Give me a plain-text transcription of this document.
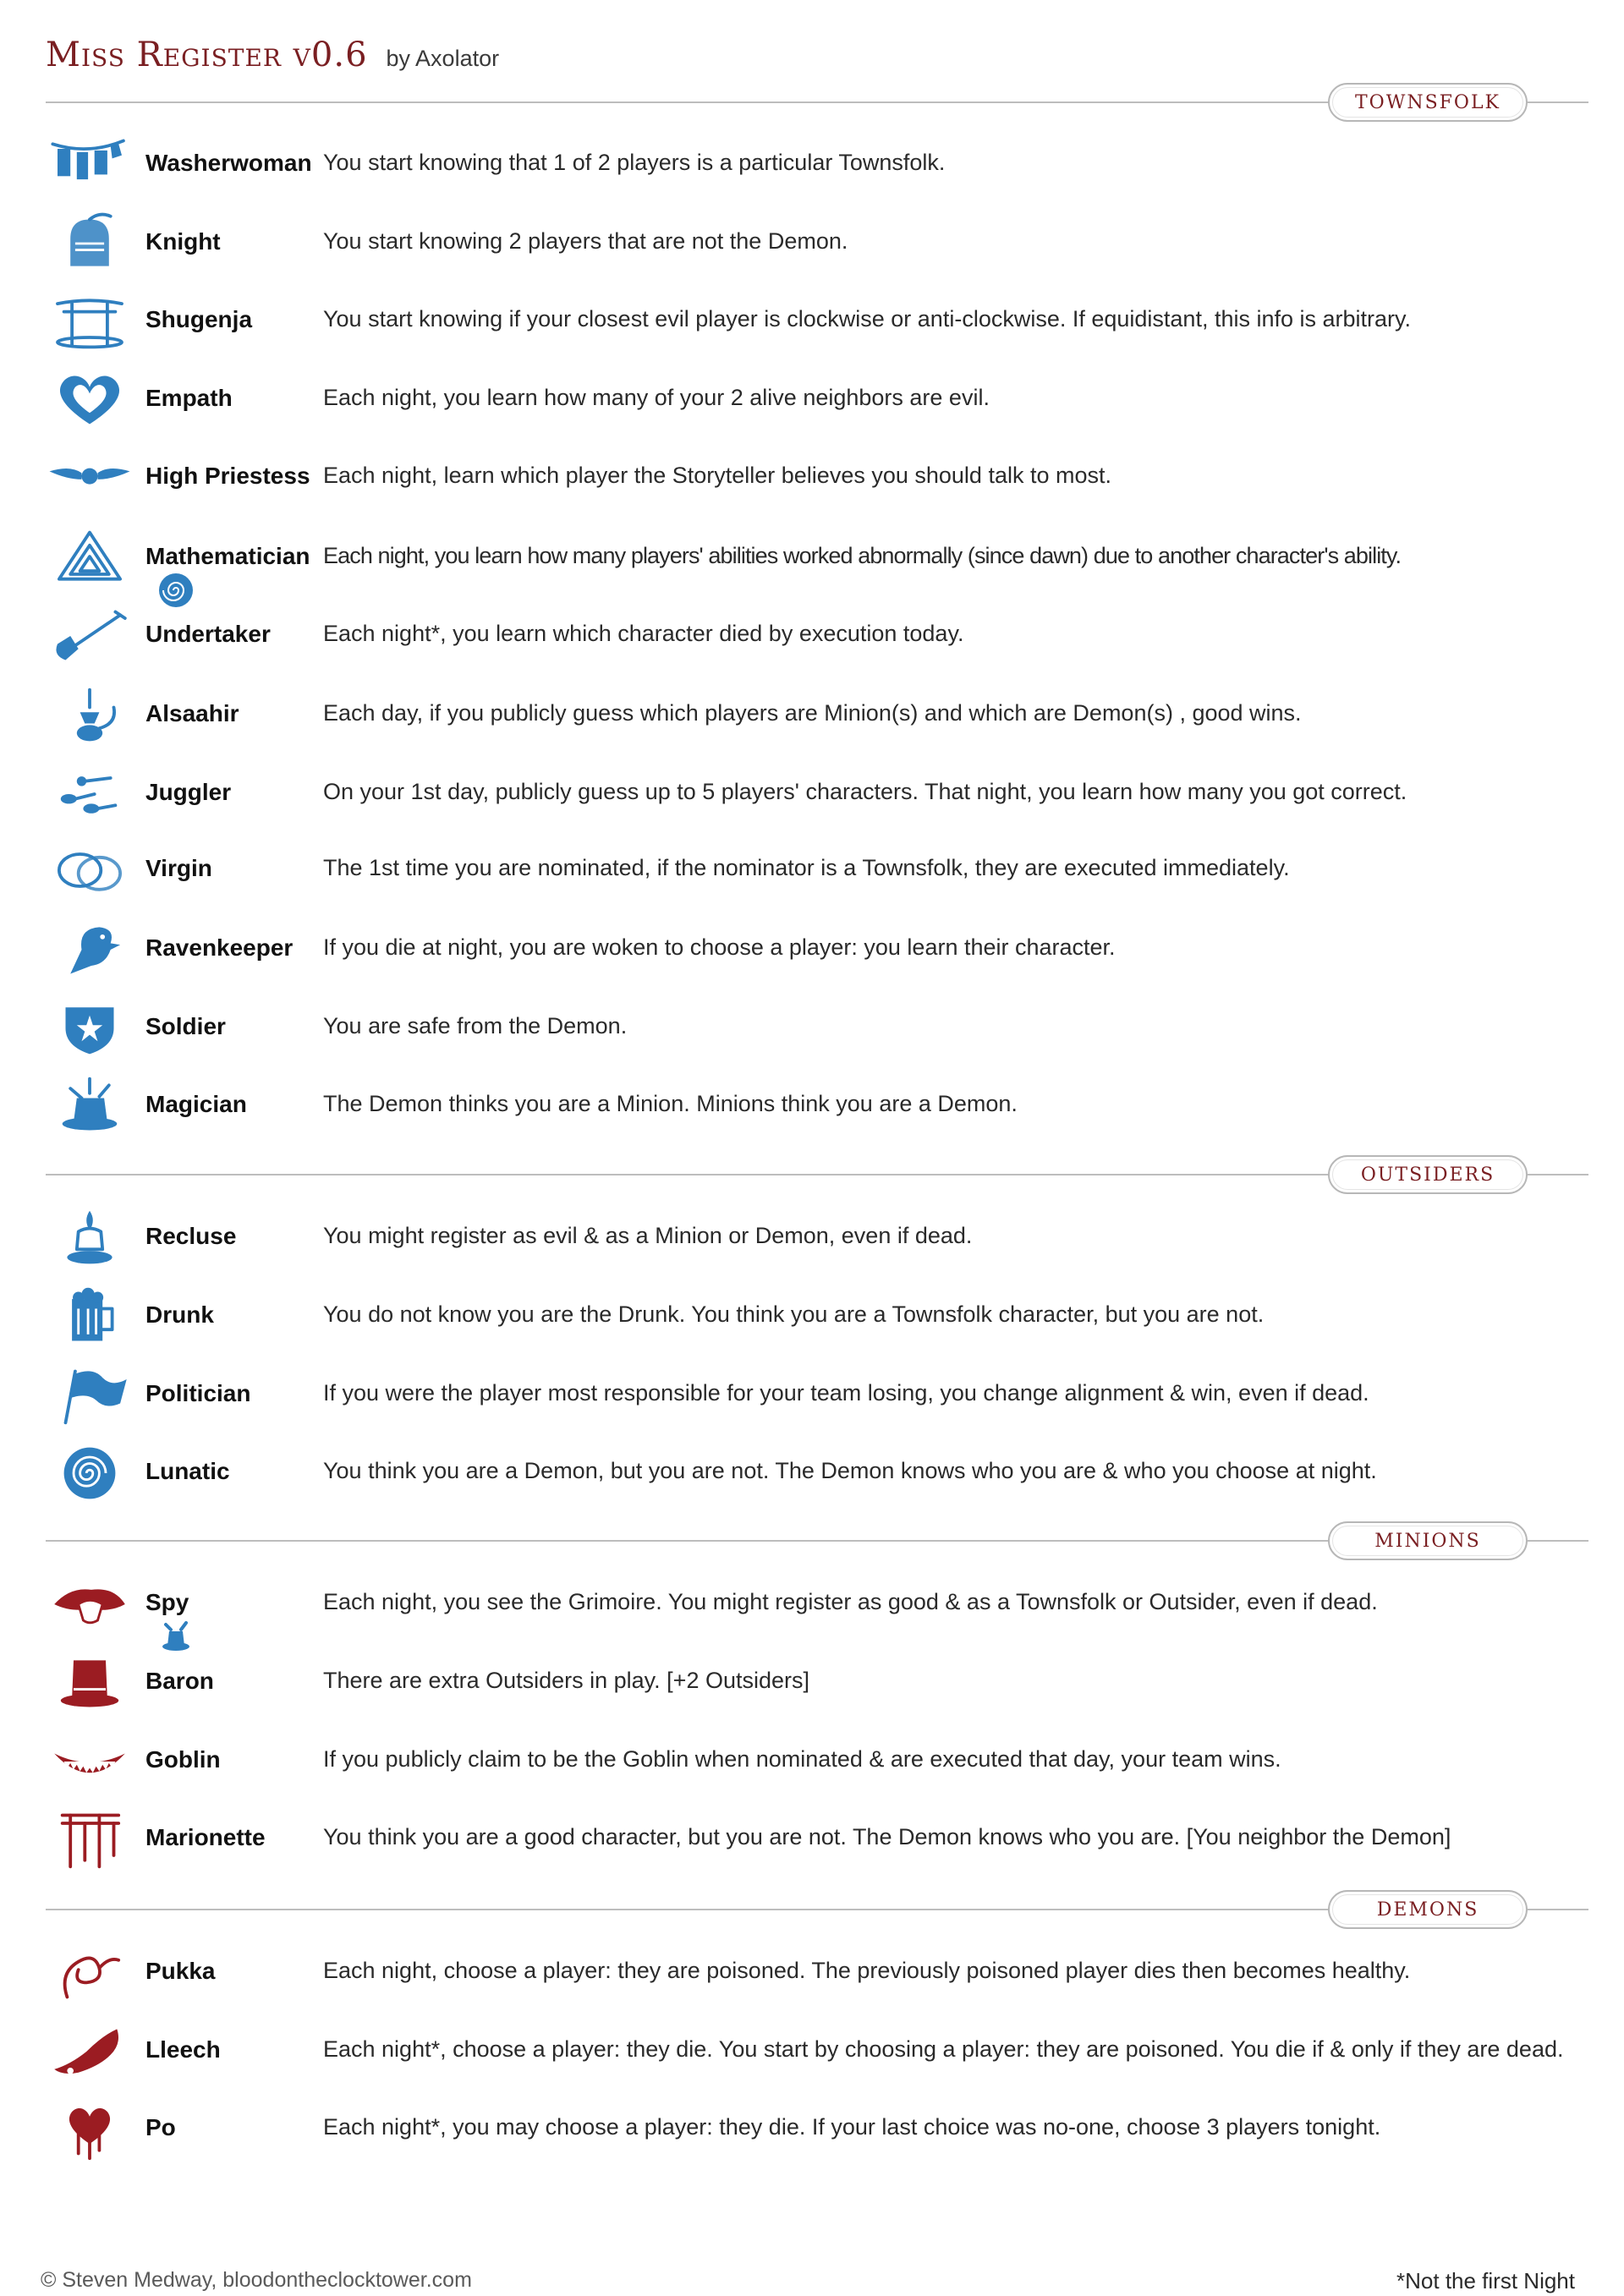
Miss Register v0.6 by Axolator
TOWNSFOLK
Washerwoman You start knowing that 1 of 2 players is a particular Townsfolk.
Knight	You start knowing 2 players that are not the Demon.
Shugenja	You start knowing if your closest evil player is clockwise or anti-clockwise. If equidistant, this info is arbitrary.
Empath	Each night, you learn how many of your 2 alive neighbors are evil.
High Priestess Each night, learn which player the Storyteller believes you should talk to most.
Mathematician Each night, you learn how many players' abilities worked abnormally (since dawn) due to another character's ability.
Undertaker Each night*, you learn which character died by execution today.
Alsaahir	Each day, if you publicly guess which players are Minion(s) and which are Demon(s) , good wins.
Juggler	On your 1st day, publicly guess up to 5 players' characters. That night, you learn how many you got correct.
Virgin	The 1st time you are nominated, if the nominator is a Townsfolk, they are executed immediately.
Ravenkeeper If you die at night, you are woken to choose a player: you learn their character.
Soldier	You are safe from the Demon.
Magician	The Demon thinks you are a Minion. Minions think you are a Demon.
OUTSIDERS
Recluse	You might register as evil & as a Minion or Demon, even if dead.
Drunk	You do not know you are the Drunk. You think you are a Townsfolk character, but you are not.
Politician	If you were the player most responsible for your team losing, you change alignment & win, even if dead.
Lunatic	You think you are a Demon, but you are not. The Demon knows who you are & who you choose at night.
MINIONS
Spy	Each night, you see the Grimoire. You might register as good & as a Townsfolk or Outsider, even if dead.
Baron	There are extra Outsiders in play. [+2 Outsiders]
Goblin	If you publicly claim to be the Goblin when nominated & are executed that day, your team wins.
Marionette	You think you are a good character, but you are not. The Demon knows who you are. [You neighbor the Demon]
DEMONS
Pukka	Each night, choose a player: they are poisoned. The previously poisoned player dies then becomes healthy.
Lleech	Each night*, choose a player: they die. You start by choosing a player: they are poisoned. You die if & only if they are dead.
Po	Each night*, you may choose a player: they die. If your last choice was no-one, choose 3 players tonight.
© Steven Medway, bloodontheclocktower.com	*Not the first Night
